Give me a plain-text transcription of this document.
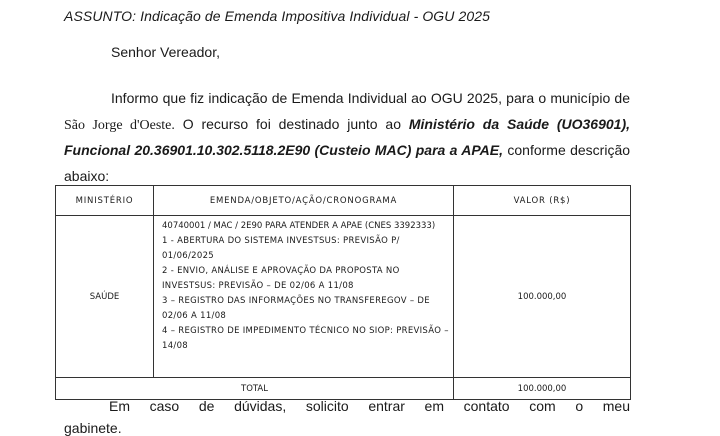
ASSUNTO: Indicação de Emenda Impositiva Individual - OGU 2025
Senhor Vereador,
Informo que fiz indicação de Emenda Individual ao OGU 2025, para o município de
São Jorge d'Oeste. O recurso foi destinado junto ao Ministério da Saúde (UO36901),
Funcional 20.36901.10.302.5118.2E90 (Custeio MAC) para a APAE, conforme descrição
abaixo:
MINISTÉRIO	EMENDA/OBJETO/AÇÃO/CRONOGRAMA	VALOR (R$)
SAÚDE	40740001 / MAC / 2E90 PARA ATENDER A APAE (CNES 3392333)
1 - ABERTURA DO SISTEMA INVESTSUS: PREVISÃO P/ 01/06/2025
2 - ENVIO, ANÁLISE E APROVAÇÃO DA PROPOSTA NO INVESTSUS: PREVISÃO – DE 02/06 A 11/08
3 – REGISTRO DAS INFORMAÇÕES NO TRANSFEREGOV – DE 02/06 A 11/08
4 – REGISTRO DE IMPEDIMENTO TÉCNICO NO SIOP: PREVISÃO – 14/08	100.000,00
TOTAL		100.000,00
Em caso de dúvidas, solicito entrar em contato com o meu
gabinete.
